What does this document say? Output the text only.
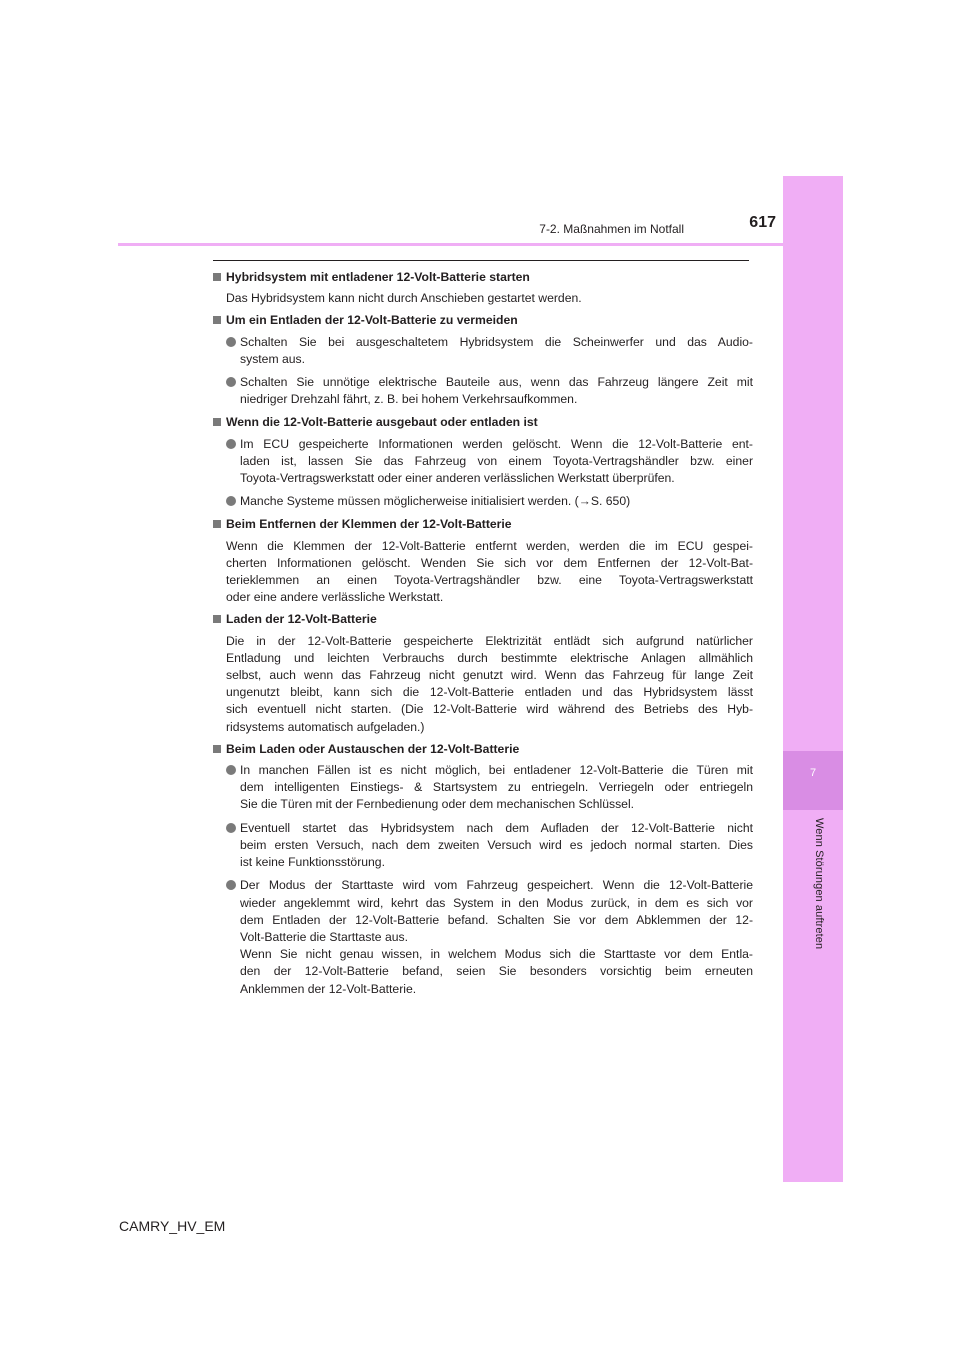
7
Wenn Störungen auftreten
7-2. Maßnahmen im Notfall	617
Hybridsystem mit entladener 12-Volt-Batterie starten
Das Hybridsystem kann nicht durch Anschieben gestartet werden.
Um ein Entladen der 12-Volt-Batterie zu vermeiden
Schalten Sie bei ausgeschaltetem Hybridsystem die Scheinwerfer und das Audio-
system aus.
Schalten Sie unnötige elektrische Bauteile aus, wenn das Fahrzeug längere Zeit mit
niedriger Drehzahl fährt, z. B. bei hohem Verkehrsaufkommen.
Wenn die 12-Volt-Batterie ausgebaut oder entladen ist
Im ECU gespeicherte Informationen werden gelöscht. Wenn die 12-Volt-Batterie ent-
laden ist, lassen Sie das Fahrzeug von einem Toyota-Vertragshändler bzw. einer
Toyota-Vertragswerkstatt oder einer anderen verlässlichen Werkstatt überprüfen.
Manche Systeme müssen möglicherweise initialisiert werden. (→S. 650)
Beim Entfernen der Klemmen der 12-Volt-Batterie
Wenn die Klemmen der 12-Volt-Batterie entfernt werden, werden die im ECU gespei-
cherten Informationen gelöscht. Wenden Sie sich vor dem Entfernen der 12-Volt-Bat-
terieklemmen an einen Toyota-Vertragshändler bzw. eine Toyota-Vertragswerkstatt
oder eine andere verlässliche Werkstatt.
Laden der 12-Volt-Batterie
Die in der 12-Volt-Batterie gespeicherte Elektrizität entlädt sich aufgrund natürlicher
Entladung und leichten Verbrauchs durch bestimmte elektrische Anlagen allmählich
selbst, auch wenn das Fahrzeug nicht genutzt wird. Wenn das Fahrzeug für lange Zeit
ungenutzt bleibt, kann sich die 12-Volt-Batterie entladen und das Hybridsystem lässt
sich eventuell nicht starten. (Die 12-Volt-Batterie wird während des Betriebs des Hyb-
ridsystems automatisch aufgeladen.)
Beim Laden oder Austauschen der 12-Volt-Batterie
In manchen Fällen ist es nicht möglich, bei entladener 12-Volt-Batterie die Türen mit
dem intelligenten Einstiegs- & Startsystem zu entriegeln. Verriegeln oder entriegeln
Sie die Türen mit der Fernbedienung oder dem mechanischen Schlüssel.
Eventuell startet das Hybridsystem nach dem Aufladen der 12-Volt-Batterie nicht
beim ersten Versuch, nach dem zweiten Versuch wird es jedoch normal starten. Dies
ist keine Funktionsstörung.
Der Modus der Starttaste wird vom Fahrzeug gespeichert. Wenn die 12-Volt-Batterie
wieder angeklemmt wird, kehrt das System in den Modus zurück, in dem es sich vor
dem Entladen der 12-Volt-Batterie befand. Schalten Sie vor dem Abklemmen der 12-
Volt-Batterie die Starttaste aus.
Wenn Sie nicht genau wissen, in welchem Modus sich die Starttaste vor dem Entla-
den der 12-Volt-Batterie befand, seien Sie besonders vorsichtig beim erneuten
Anklemmen der 12-Volt-Batterie.
CAMRY_HV_EM
